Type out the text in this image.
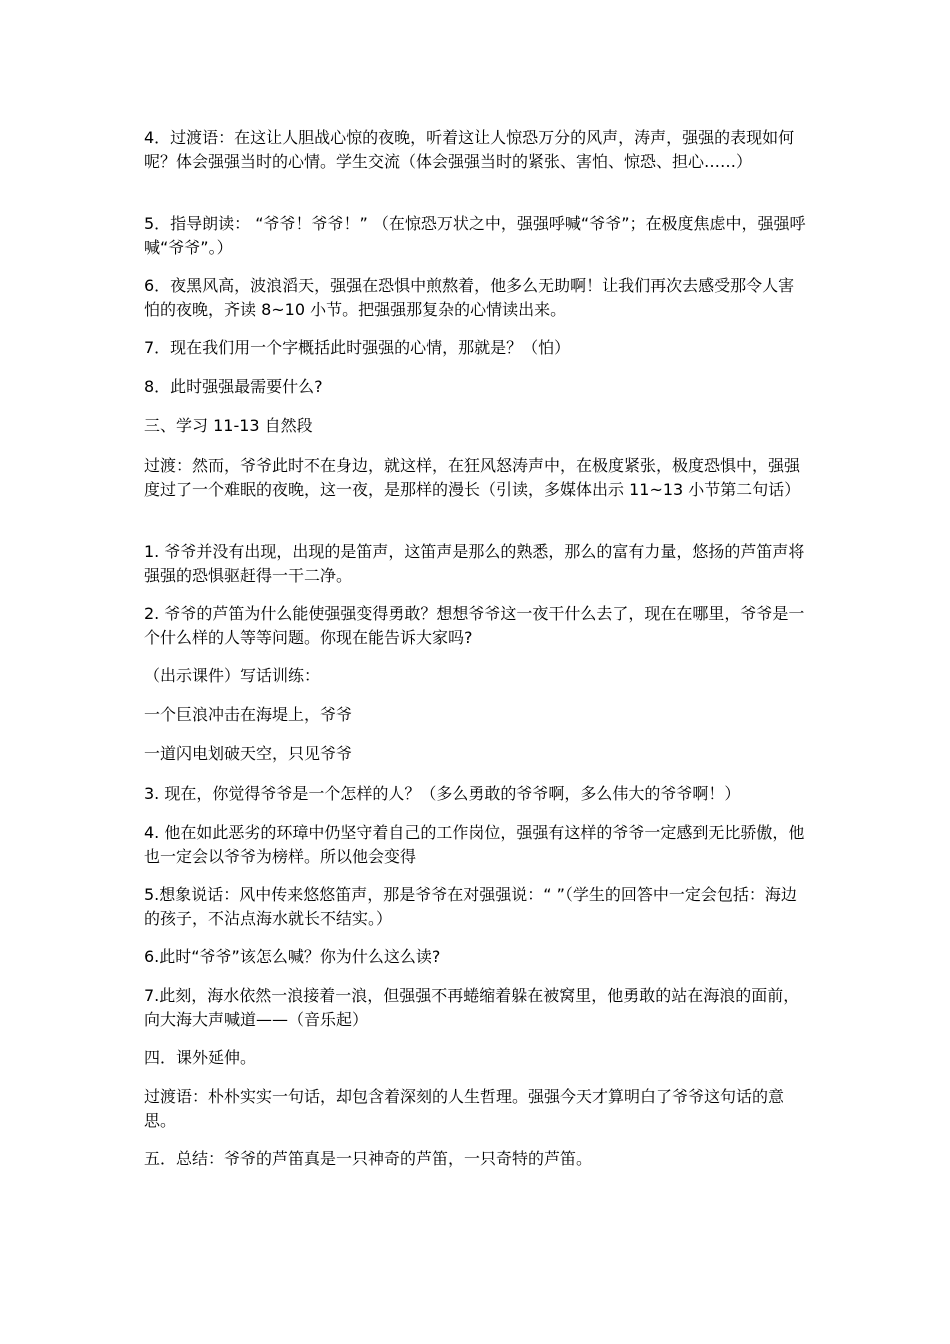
4．过渡语：在这让人胆战心惊的夜晚，听着这让人惊恐万分的风声，涛声，强强的表现如何呢？体会强强当时的心情。学生交流（体会强强当时的紧张、害怕、惊恐、担心……）

5．指导朗读： “爷爷！爷爷！” （在惊恐万状之中，强强呼喊“爷爷”；在极度焦虑中，强强呼喊“爷爷”。）

6．夜黑风高，波浪滔天，强强在恐惧中煎熬着，他多么无助啊！让我们再次去感受那令人害怕的夜晚，齐读 8~10 小节。把强强那复杂的心情读出来。

7．现在我们用一个字概括此时强强的心情，那就是？（怕）

8．此时强强最需要什么?

三、学习 11-13 自然段

过渡：然而，爷爷此时不在身边，就这样，在狂风怒涛声中，在极度紧张，极度恐惧中，强强度过了一个难眠的夜晚，这一夜，是那样的漫长（引读，多媒体出示 11~13 小节第二句话）

1. 爷爷并没有出现，出现的是笛声，这笛声是那么的熟悉，那么的富有力量，悠扬的芦笛声将强强的恐惧驱赶得一干二净。

2. 爷爷的芦笛为什么能使强强变得勇敢？想想爷爷这一夜干什么去了，现在在哪里，爷爷是一个什么样的人等等问题。你现在能告诉大家吗?

（出示课件）写话训练：

一个巨浪冲击在海堤上，爷爷

一道闪电划破天空，只见爷爷

3. 现在，你觉得爷爷是一个怎样的人？（多么勇敢的爷爷啊，多么伟大的爷爷啊！）

4. 他在如此恶劣的环璋中仍坚守着自己的工作岗位，强强有这样的爷爷一定感到无比骄傲，他也一定会以爷爷为榜样。所以他会变得

5.想象说话：风中传来悠悠笛声，那是爷爷在对强强说：“ ”（学生的回答中一定会包括：海边的孩子，不沾点海水就长不结实。）

6.此时“爷爷”该怎么喊？你为什么这么读?

7.此刻，海水依然一浪接着一浪，但强强不再蜷缩着躲在被窝里，他勇敢的站在海浪的面前，向大海大声喊道——（音乐起）

四．课外延伸。

过渡语：朴朴实实一句话，却包含着深刻的人生哲理。强强今天才算明白了爷爷这句话的意思。

五．总结：爷爷的芦笛真是一只神奇的芦笛，一只奇特的芦笛。
